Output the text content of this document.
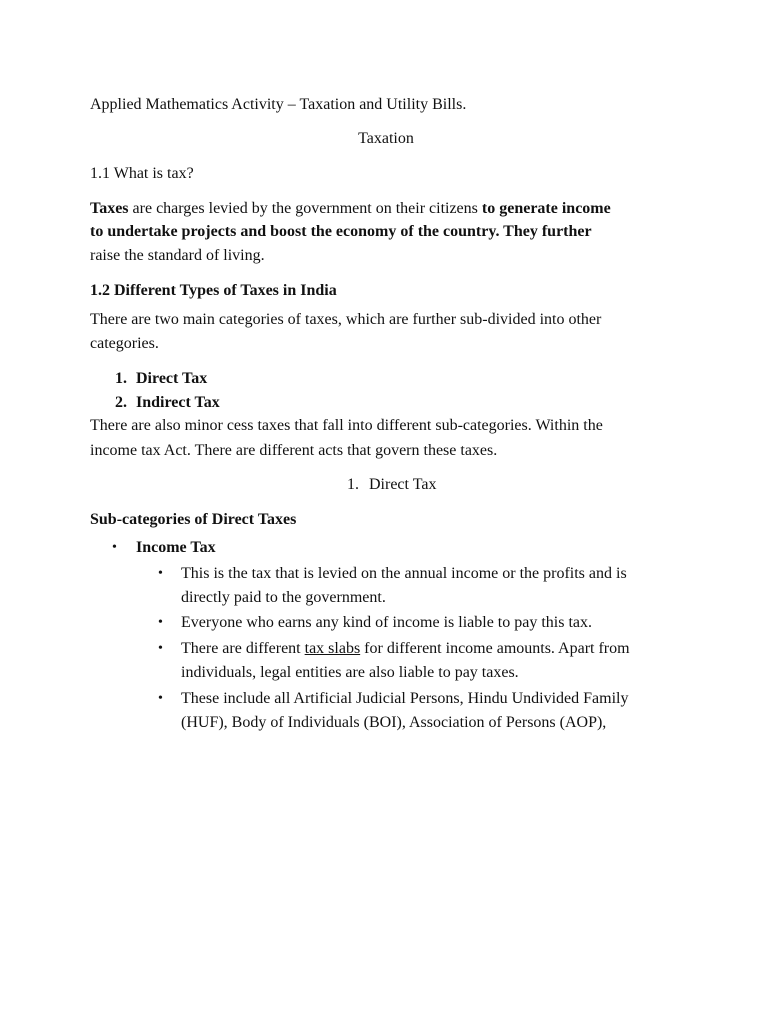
Applied Mathematics Activity – Taxation and Utility Bills.
Taxation
1.1 What is tax?
Taxes are charges levied by the government on their citizens to generate income
to undertake projects and boost the economy of the country. They further
raise the standard of living.
1.2 Different Types of Taxes in India
There are two main categories of taxes, which are further sub-divided into other
categories.
1. Direct Tax
2. Indirect Tax
There are also minor cess taxes that fall into different sub-categories. Within the
income tax Act. There are different acts that govern these taxes.
1. Direct Tax
Sub-categories of Direct Taxes
• Income Tax
• This is the tax that is levied on the annual income or the profits and is
directly paid to the government.
• Everyone who earns any kind of income is liable to pay this tax.
• There are different tax slabs for different income amounts. Apart from
individuals, legal entities are also liable to pay taxes.
• These include all Artificial Judicial Persons, Hindu Undivided Family
(HUF), Body of Individuals (BOI), Association of Persons (AOP),
